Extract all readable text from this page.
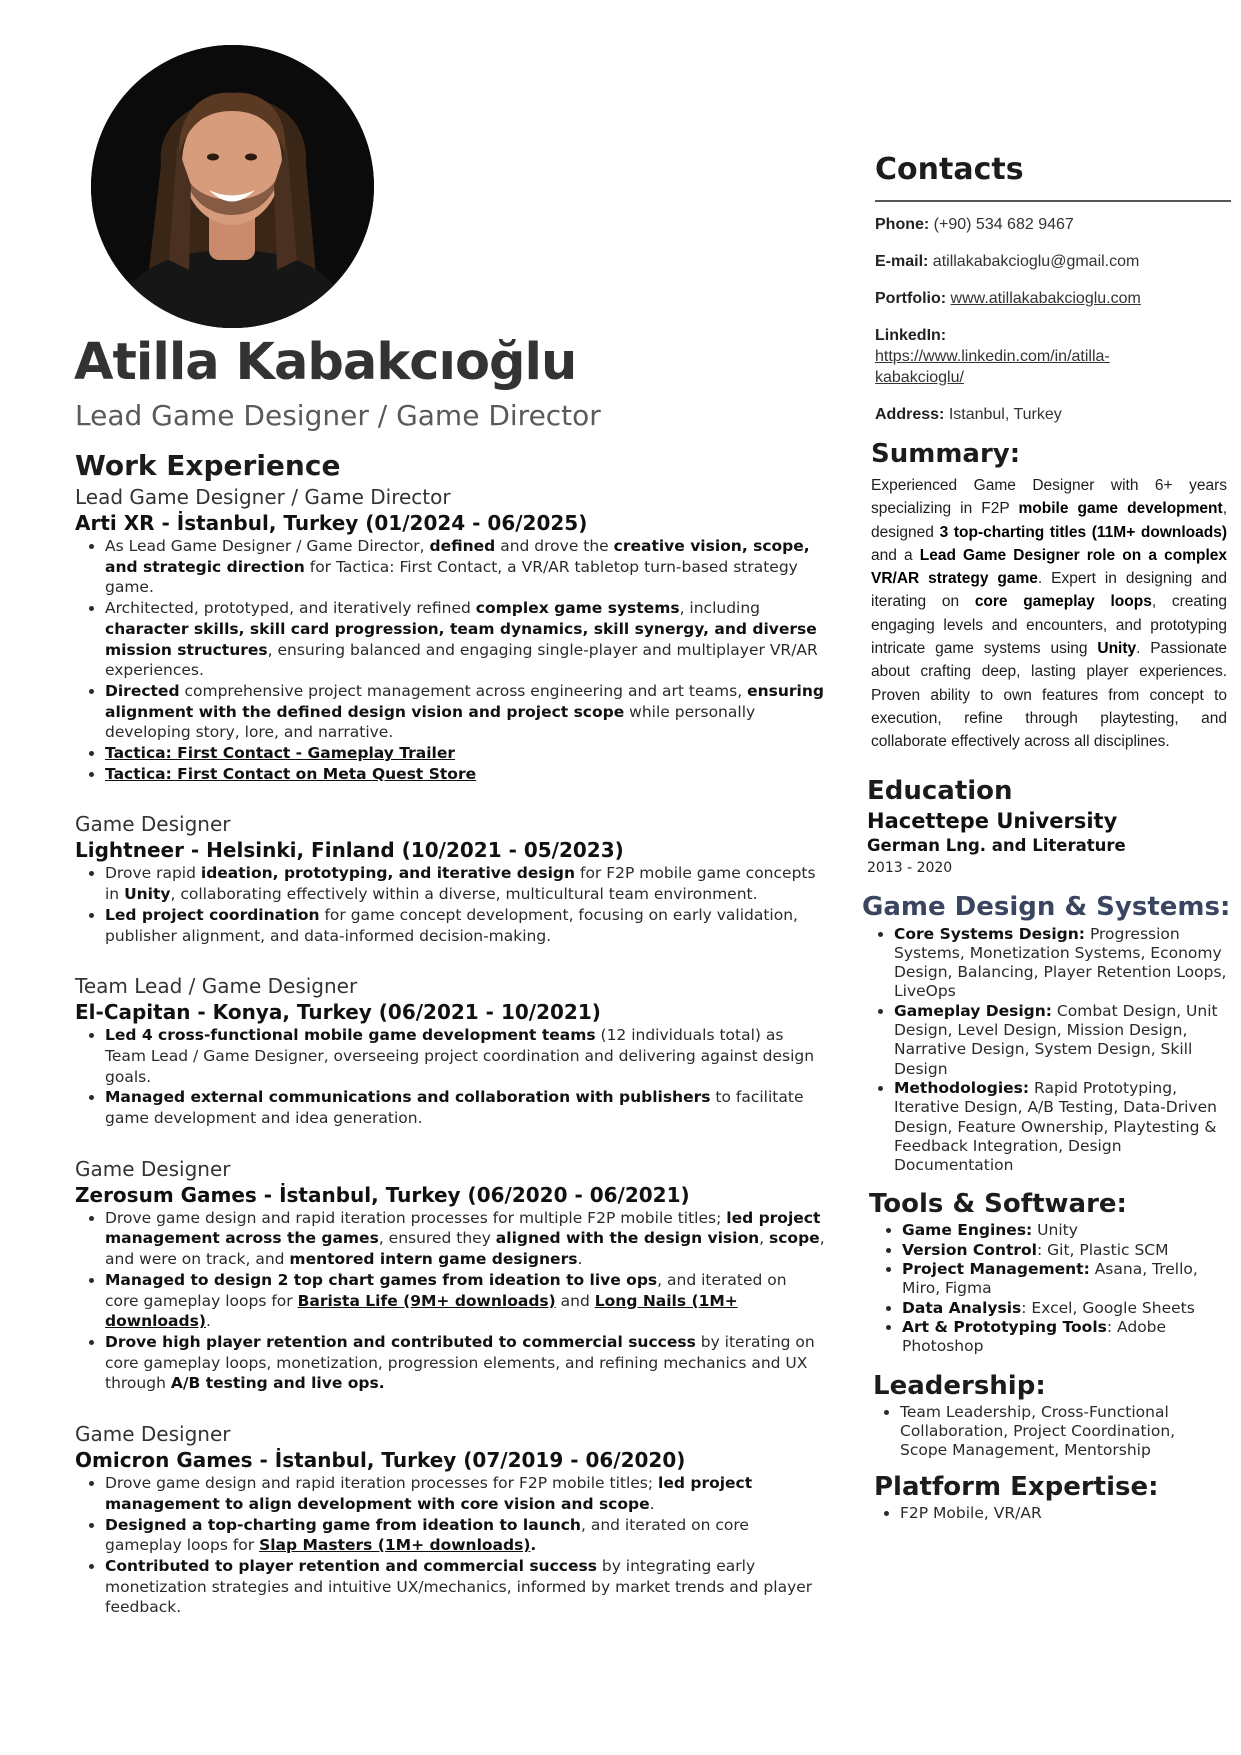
Atilla Kabakcıoğlu
Lead Game Designer / Game Director
Work Experience

Lead Game Designer / Game Director

Arti XR - İstanbul, Turkey (01/2024 - 06/2025)

• As Lead Game Designer / Game Director, defined and drove the creative vision, scope, and strategic direction for Tactica: First Contact, a VR/AR tabletop turn-based strategy game.
• Architected, prototyped, and iteratively refined complex game systems, including character skills, skill card progression, team dynamics, skill synergy, and diverse mission structures, ensuring balanced and engaging single-player and multiplayer VR/AR experiences.
• Directed comprehensive project management across engineering and art teams, ensuring alignment with the defined design vision and project scope while personally developing story, lore, and narrative.
• Tactica: First Contact - Gameplay Trailer
• Tactica: First Contact on Meta Quest Store

Game Designer

Lightneer - Helsinki, Finland (10/2021 - 05/2023)

• Drove rapid ideation, prototyping, and iterative design for F2P mobile game concepts in Unity, collaborating effectively within a diverse, multicultural team environment.
• Led project coordination for game concept development, focusing on early validation, publisher alignment, and data-informed decision-making.

Team Lead / Game Designer

El-Capitan - Konya, Turkey (06/2021 - 10/2021)

• Led 4 cross-functional mobile game development teams (12 individuals total) as Team Lead / Game Designer, overseeing project coordination and delivering against design goals.
• Managed external communications and collaboration with publishers to facilitate game development and idea generation.

Game Designer

Zerosum Games - İstanbul, Turkey (06/2020 - 06/2021)

• Drove game design and rapid iteration processes for multiple F2P mobile titles; led project management across the games, ensured they aligned with the design vision, scope, and were on track, and mentored intern game designers.
• Managed to design 2 top chart games from ideation to live ops, and iterated on core gameplay loops for Barista Life (9M+ downloads) and Long Nails (1M+ downloads).
• Drove high player retention and contributed to commercial success by iterating on core gameplay loops, monetization, progression elements, and refining mechanics and UX through A/B testing and live ops.

Game Designer

Omicron Games - İstanbul, Turkey (07/2019 - 06/2020)

• Drove game design and rapid iteration processes for F2P mobile titles; led project management to align development with core vision and scope.
• Designed a top-charting game from ideation to launch, and iterated on core gameplay loops for Slap Masters (1M+ downloads).
• Contributed to player retention and commercial success by integrating early monetization strategies and intuitive UX/mechanics, informed by market trends and player feedback.
Contacts
Phone: (+90) 534 682 9467
E-mail: atillakabakcioglu@gmail.com
Portfolio: www.atillakabakcioglu.com
LinkedIn:
https://www.linkedin.com/in/atilla-
kabakcioglu/
Address: Istanbul, Turkey
Summary:

Experienced Game Designer with 6+ years specializing in F2P mobile game development, designed 3 top-charting titles (11M+ downloads) and a Lead Game Designer role on a complex VR/AR strategy game. Expert in designing and iterating on core gameplay loops, creating engaging levels and encounters, and prototyping intricate game systems using Unity. Passionate about crafting deep, lasting player experiences. Proven ability to own features from concept to execution, refine through playtesting, and collaborate effectively across all disciplines.

Education

Hacettepe University

German Lng. and Literature

2013 - 2020

Game Design & Systems:
• Core Systems Design: Progression Systems, Monetization Systems, Economy Design, Balancing, Player Retention Loops, LiveOps
• Gameplay Design: Combat Design, Unit Design, Level Design, Mission Design, Narrative Design, System Design, Skill Design
• Methodologies: Rapid Prototyping, Iterative Design, A/B Testing, Data-Driven Design, Feature Ownership, Playtesting & Feedback Integration, Design Documentation
Tools & Software:
• Game Engines: Unity
• Version Control: Git, Plastic SCM
• Project Management: Asana, Trello, Miro, Figma
• Data Analysis: Excel, Google Sheets
• Art & Prototyping Tools: Adobe Photoshop
Leadership:
• Team Leadership, Cross-Functional Collaboration, Project Coordination, Scope Management, Mentorship
Platform Expertise:
• F2P Mobile, VR/AR
